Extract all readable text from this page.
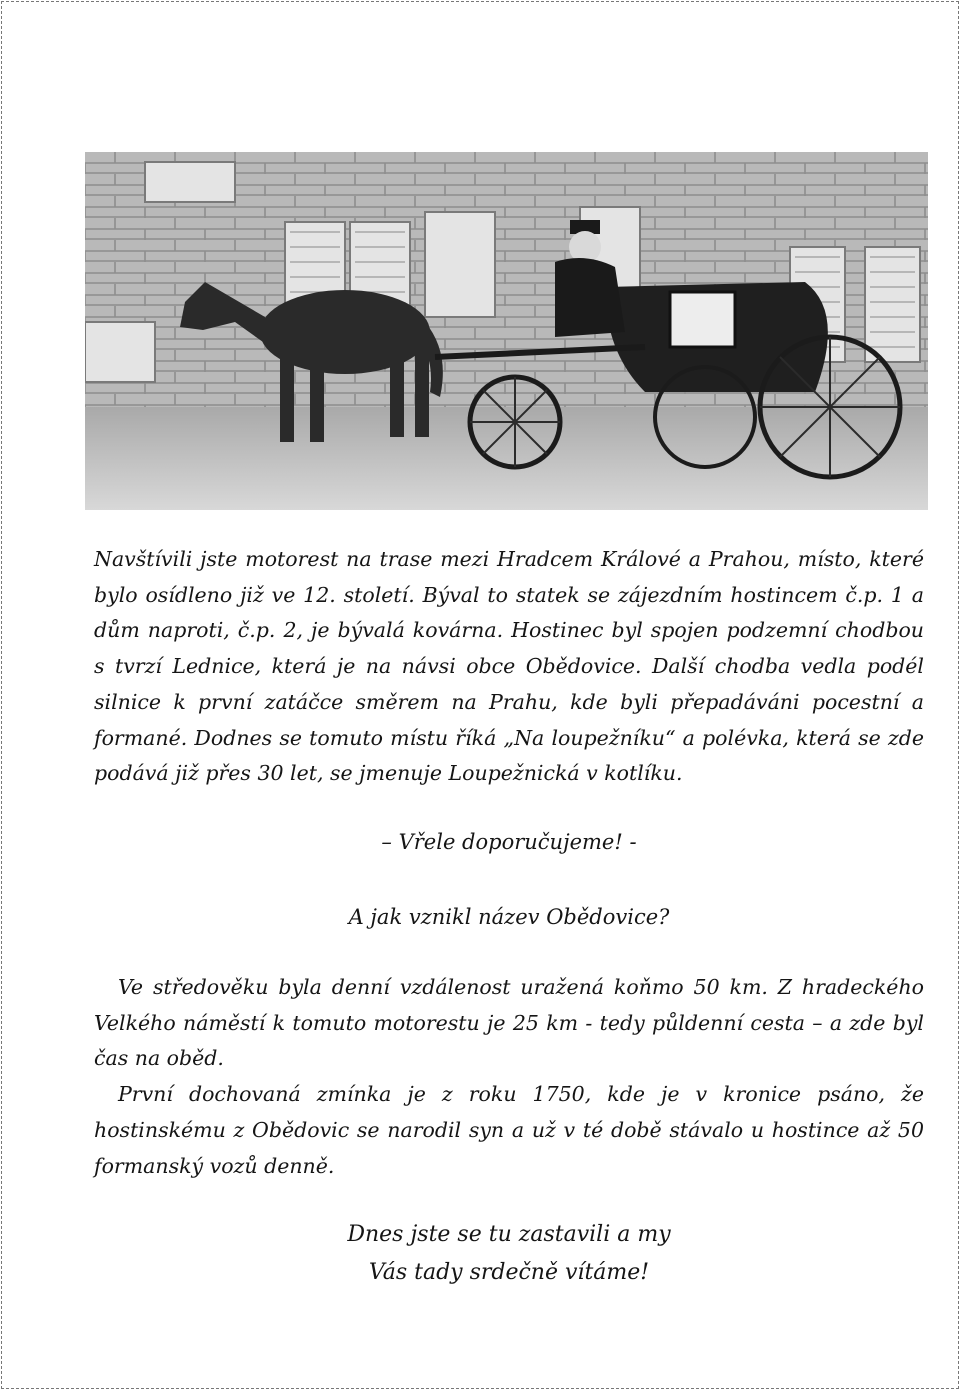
Navštívili jste motorest na trase mezi Hradcem Králové a Prahou, místo, které bylo osídleno již ve 12. století. Býval to statek se zájezdním hostincem č.p. 1 a dům naproti, č.p. 2, je bývalá kovárna. Hostinec byl spojen podzemní chodbou s tvrzí Lednice, která je na návsi obce Obědovice. Další chodba vedla podél silnice k první zatáčce směrem na Prahu, kde byli přepadáváni pocestní a formané. Dodnes se tomuto místu říká „Na loupežníku“ a polévka, která se zde podává již přes 30 let, se jmenuje Loupežnická v kotlíku.

– Vřele doporučujeme! -
A jak vznikl název Obědovice?

Ve středověku byla denní vzdálenost uražená koňmo 50 km. Z hradeckého Velkého náměstí k tomuto motorestu je 25 km - tedy půldenní cesta – a zde byl čas na oběd.

První dochovaná zmínka je z roku 1750, kde je v kronice psáno, že hostinskému z Obědovic se narodil syn a už v té době stávalo u hostince až 50 formanský vozů denně.

Dnes jste se tu zastavili a my
Vás tady srdečně vítáme!
